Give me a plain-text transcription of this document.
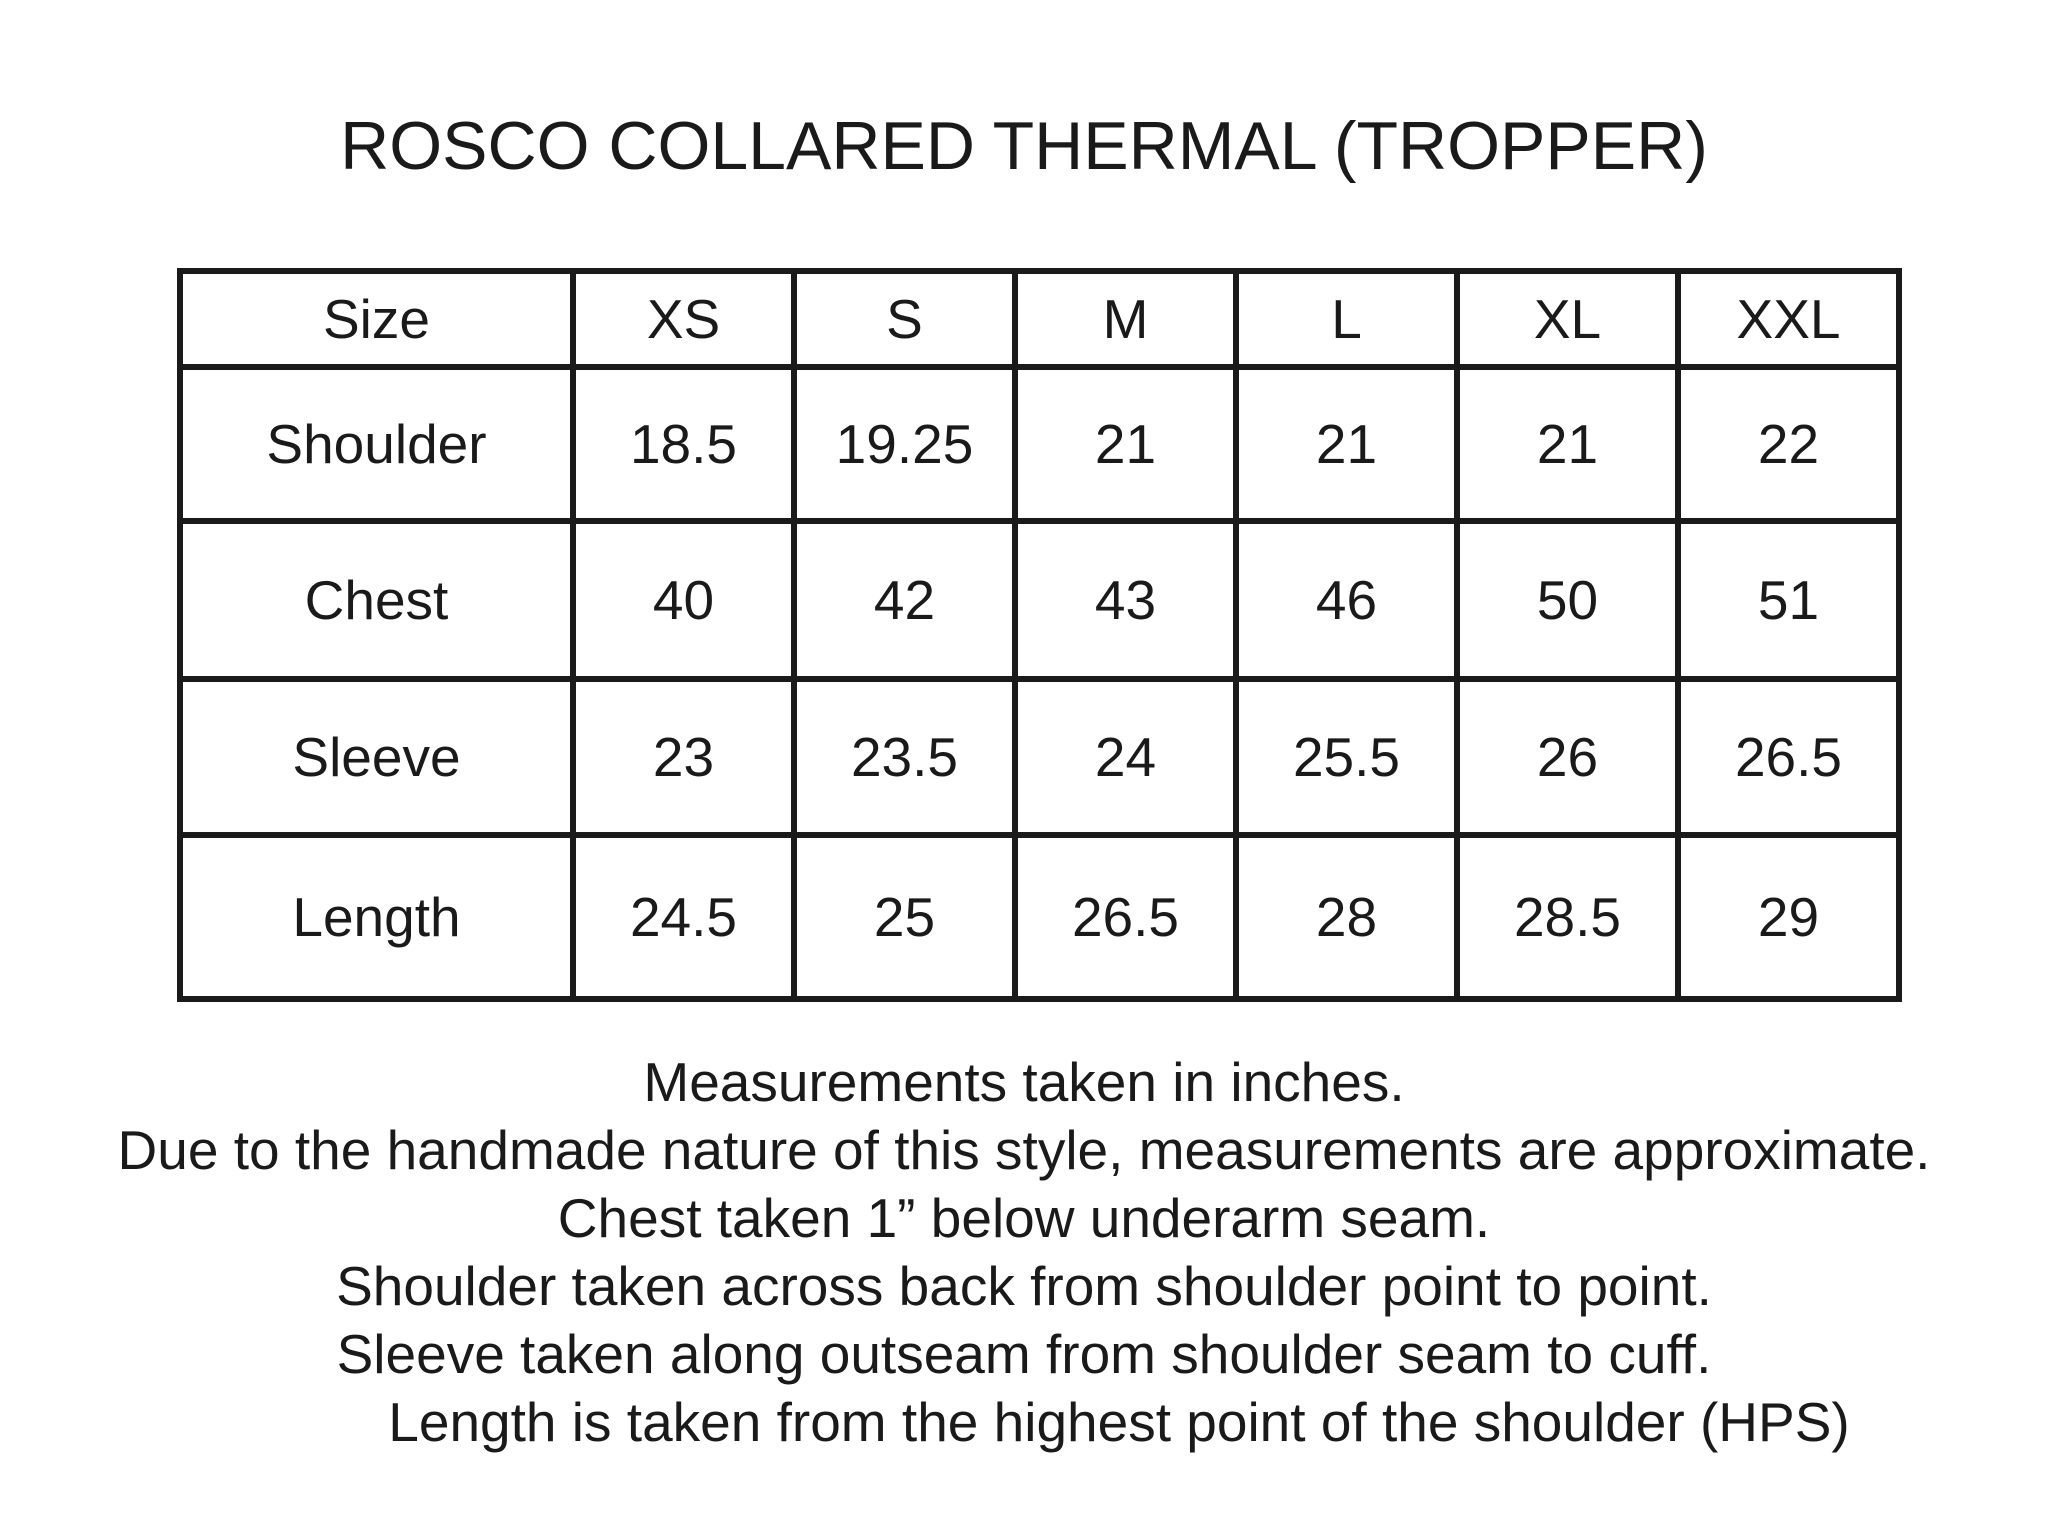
ROSCO COLLARED THERMAL (TROPPER)
Size	XS	S	M	L	XL	XXL
Shoulder	18.5	19.25	21	21	21	22
Chest	40	42	43	46	50	51
Sleeve	23	23.5	24	25.5	26	26.5
Length	24.5	25	26.5	28	28.5	29
Measurements taken in inches.
Due to the handmade nature of this style, measurements are approximate.
Chest taken 1” below underarm seam.
Shoulder taken across back from shoulder point to point.
Sleeve taken along outseam from shoulder seam to cuff.
Length is taken from the highest point of the shoulder (HPS)
